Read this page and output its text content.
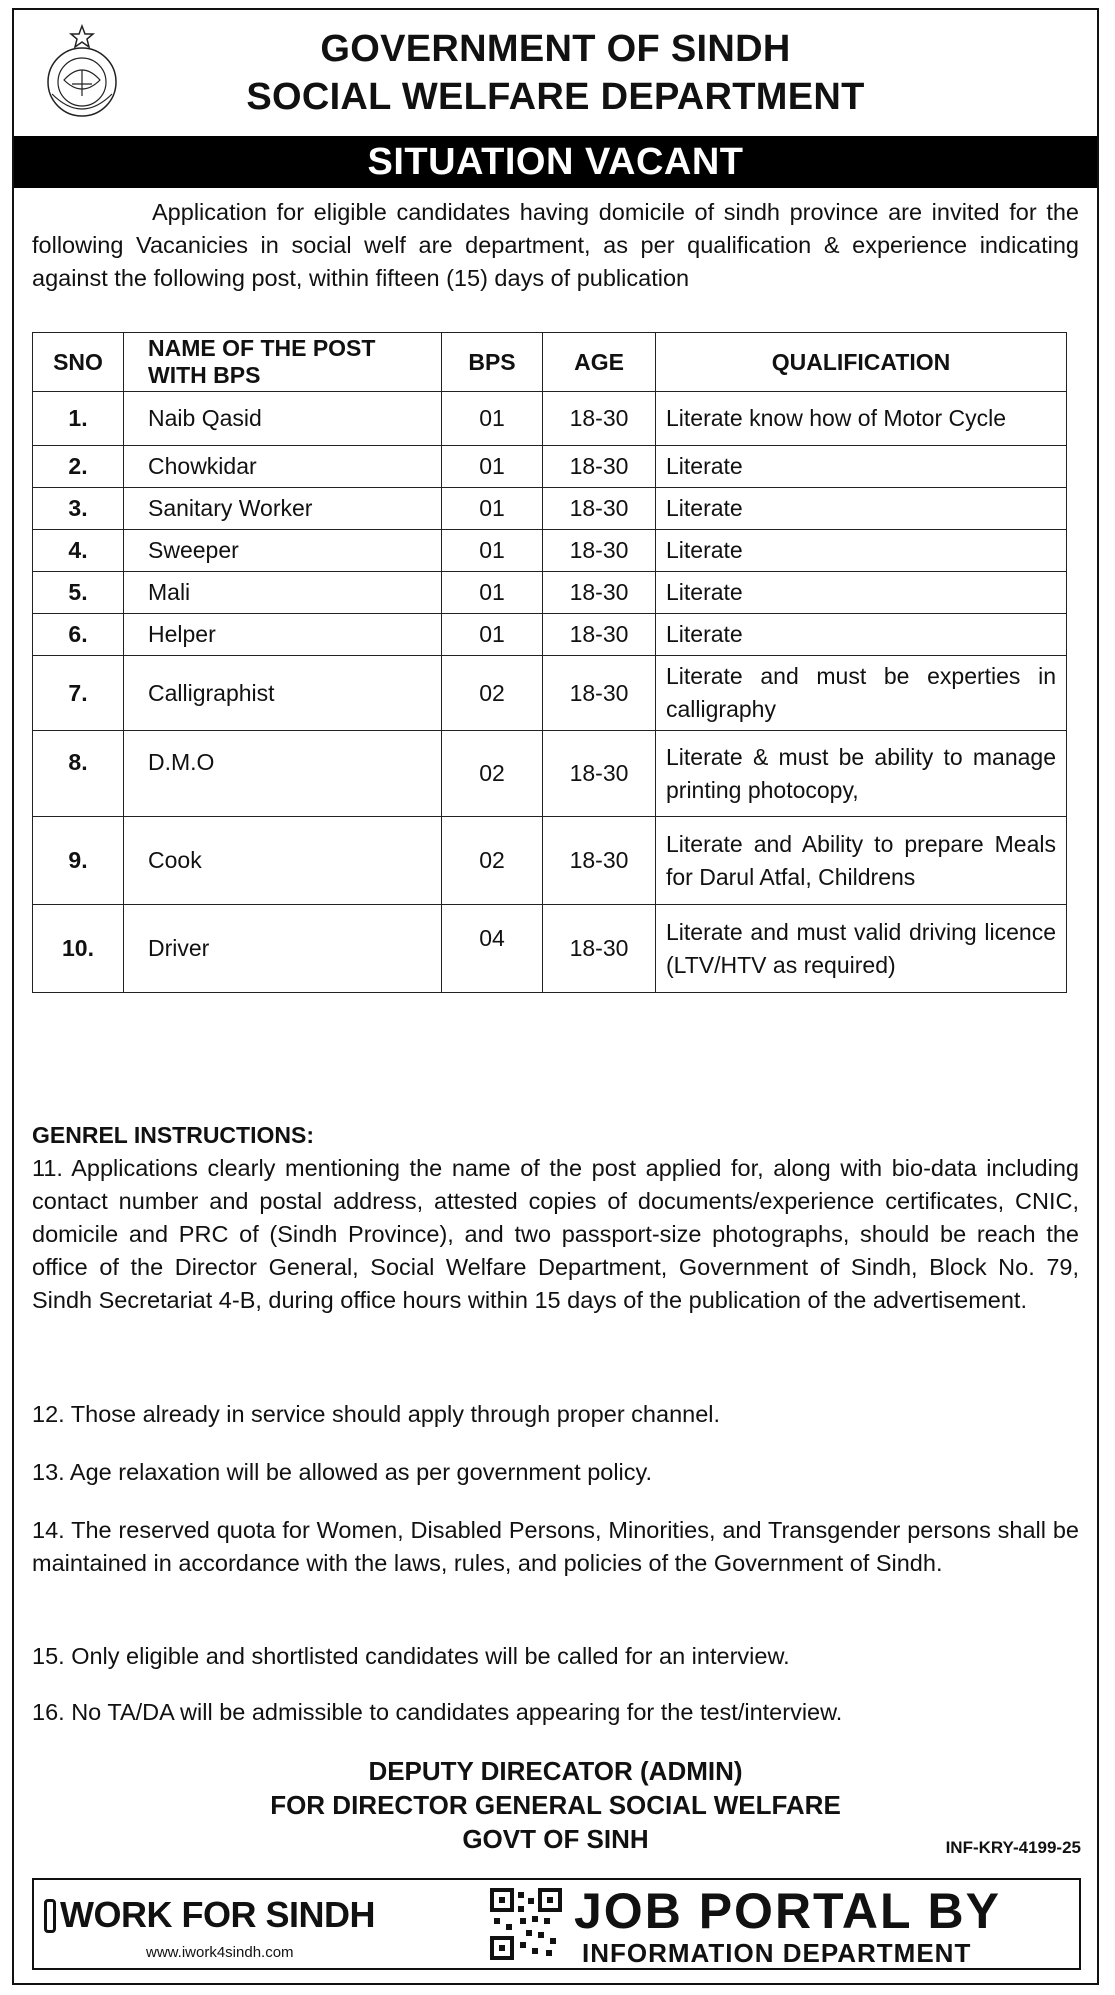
GOVERNMENT OF SINDH
SOCIAL WELFARE DEPARTMENT
SITUATION VACANT
Application for eligible candidates having domicile of sindh province are invited for the following Vacanicies in social welf are department, as per qualification & experience indicating against the following post, within fifteen (15) days of publication
SNO	NAME OF THE POST WITH BPS	BPS	AGE	QUALIFICATION
1.	Naib Qasid	01	18-30	Literate know how of Motor Cycle
2.	Chowkidar	01	18-30	Literate
3.	Sanitary Worker	01	18-30	Literate
4.	Sweeper	01	18-30	Literate
5.	Mali	01	18-30	Literate
6.	Helper	01	18-30	Literate
7.	Calligraphist	02	18-30	Literate and must be experties in calligraphy
8.	D.M.O	02	18-30	Literate & must be ability to manage printing photocopy,
9.	Cook	02	18-30	Literate and Ability to prepare Meals for Darul Atfal, Childrens
10.	Driver	04	18-30	Literate and must valid driving licence (LTV/HTV as required)
GENREL INSTRUCTIONS:
11. Applications clearly mentioning the name of the post applied for, along with bio-data including contact number and postal address, attested copies of documents/experience certificates, CNIC, domicile and PRC of (Sindh Province), and two passport-size photographs, should be reach the office of the Director General, Social Welfare Department, Government of Sindh, Block No. 79, Sindh Secretariat 4-B, during office hours within 15 days of the publication of the advertisement.
12. Those already in service should apply through proper channel.
13. Age relaxation will be allowed as per government policy.
14. The reserved quota for Women, Disabled Persons, Minorities, and Transgender persons shall be maintained in accordance with the laws, rules, and policies of the Government of Sindh.
15. Only eligible and shortlisted candidates will be called for an interview.
16. No TA/DA will be admissible to candidates appearing for the test/interview.
DEPUTY DIRECATOR (ADMIN)
FOR DIRECTOR GENERAL SOCIAL WELFARE
GOVT OF SINH	INF-KRY-4199-25
WORK FOR SINDH
www.iwork4sindh.com
JOB PORTAL BY
INFORMATION DEPARTMENT
